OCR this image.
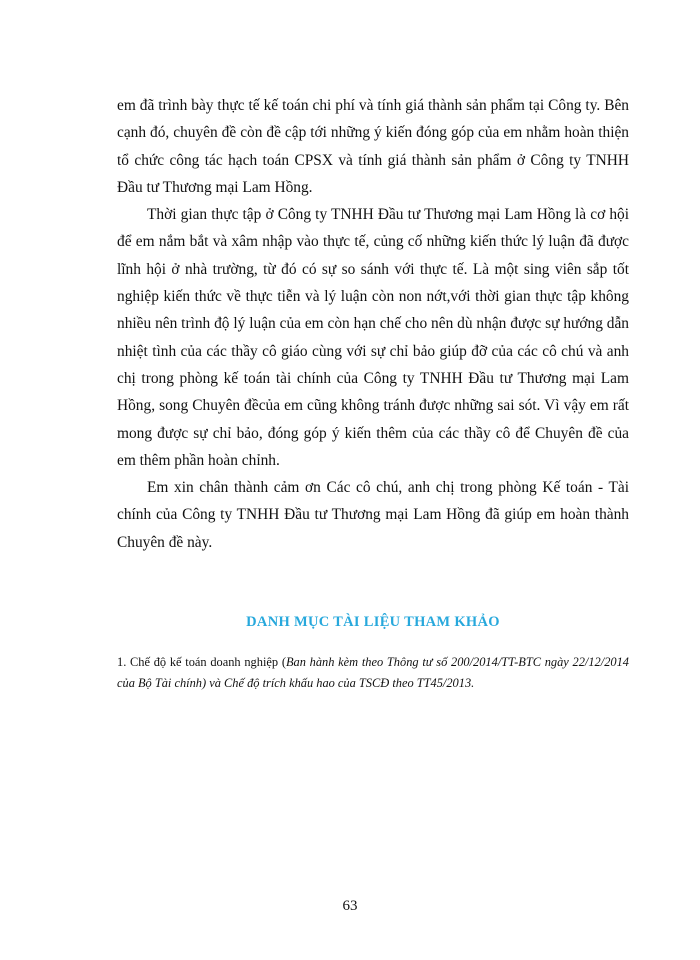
em đã trình bày thực tế kế toán chi phí và tính giá thành sản phẩm tại Công ty. Bên cạnh đó, chuyên đề còn đề cập tới những ý kiến đóng góp của em nhằm hoàn thiện tổ chức công tác hạch toán CPSX và tính giá thành sản phẩm ở Công ty TNHH Đầu tư Thương mại Lam Hồng.

Thời gian thực tập ở Công ty TNHH Đầu tư Thương mại Lam Hồng là cơ hội để em nắm bắt và xâm nhập vào thực tế, củng cố những kiến thức lý luận đã được lĩnh hội ở nhà trường, từ đó có sự so sánh với thực tế. Là một sing viên sắp tốt nghiệp kiến thức về thực tiễn và lý luận còn non nớt,với thời gian thực tập không nhiều nên trình độ lý luận của em còn hạn chế cho nên dù nhận được sự hướng dẫn nhiệt tình của các thầy cô giáo cùng với sự chỉ bảo giúp đỡ của các cô chú và anh chị trong phòng kế toán tài chính của Công ty TNHH Đầu tư Thương mại Lam Hồng, song Chuyên đềcủa em cũng không tránh được những sai sót. Vì vậy em rất mong được sự chỉ bảo, đóng góp ý kiến thêm của các thầy cô để Chuyên đề của em thêm phần hoàn chỉnh.

Em xin chân thành cảm ơn Các cô chú, anh chị trong phòng Kế toán - Tài chính của Công ty TNHH Đầu tư Thương mại Lam Hồng đã giúp em hoàn thành Chuyên đề này.

DANH MỤC TÀI LIỆU THAM KHẢO

1. Chế độ kế toán doanh nghiệp (Ban hành kèm theo Thông tư số 200/2014/TT-BTC ngày 22/12/2014 của Bộ Tài chính) và Chế độ trích khấu hao của TSCĐ theo TT45/2013.

63
